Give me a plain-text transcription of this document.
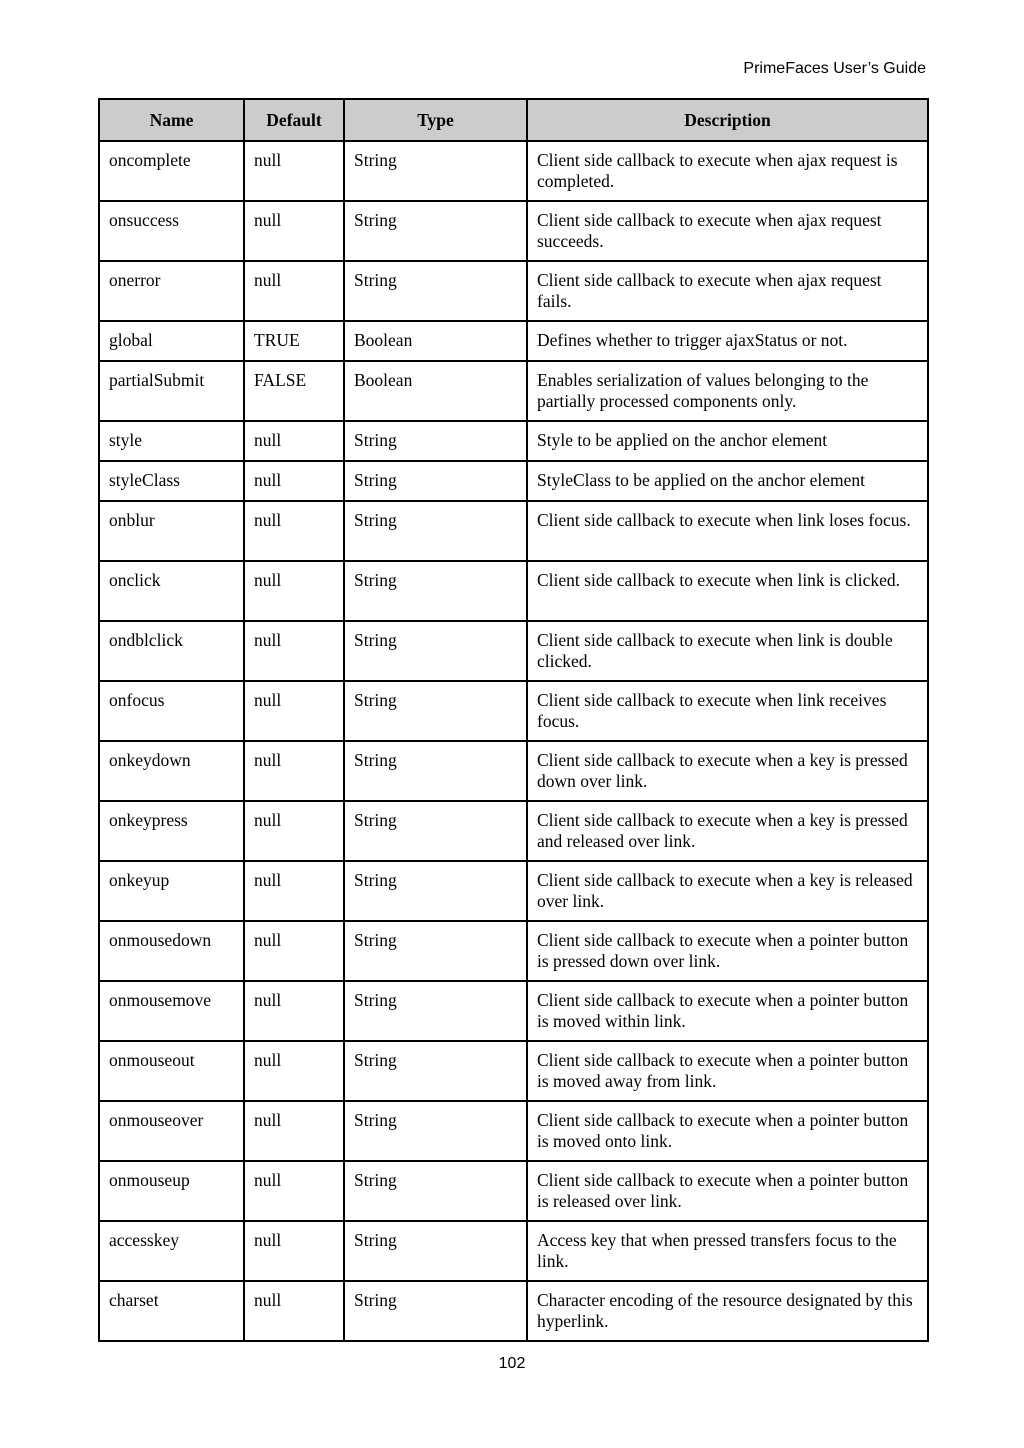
PrimeFaces User’s Guide
Name	Default	Type	Description
oncomplete	null	String	Client side callback to execute when ajax request is completed.
onsuccess	null	String	Client side callback to execute when ajax request succeeds.
onerror	null	String	Client side callback to execute when ajax request fails.
global	TRUE	Boolean	Defines whether to trigger ajaxStatus or not.
partialSubmit	FALSE	Boolean	Enables serialization of values belonging to the partially processed components only.
style	null	String	Style to be applied on the anchor element
styleClass	null	String	StyleClass to be applied on the anchor element
onblur	null	String	Client side callback to execute when link loses focus.
onclick	null	String	Client side callback to execute when link is clicked.
ondblclick	null	String	Client side callback to execute when link is double clicked.
onfocus	null	String	Client side callback to execute when link receives focus.
onkeydown	null	String	Client side callback to execute when a key is pressed down over link.
onkeypress	null	String	Client side callback to execute when a key is pressed and released over link.
onkeyup	null	String	Client side callback to execute when a key is released over link.
onmousedown	null	String	Client side callback to execute when a pointer button is pressed down over link.
onmousemove	null	String	Client side callback to execute when a pointer button is moved within link.
onmouseout	null	String	Client side callback to execute when a pointer button is moved away from link.
onmouseover	null	String	Client side callback to execute when a pointer button is moved onto link.
onmouseup	null	String	Client side callback to execute when a pointer button is released over link.
accesskey	null	String	Access key that when pressed transfers focus to the link.
charset	null	String	Character encoding of the resource designated by this hyperlink.
102
